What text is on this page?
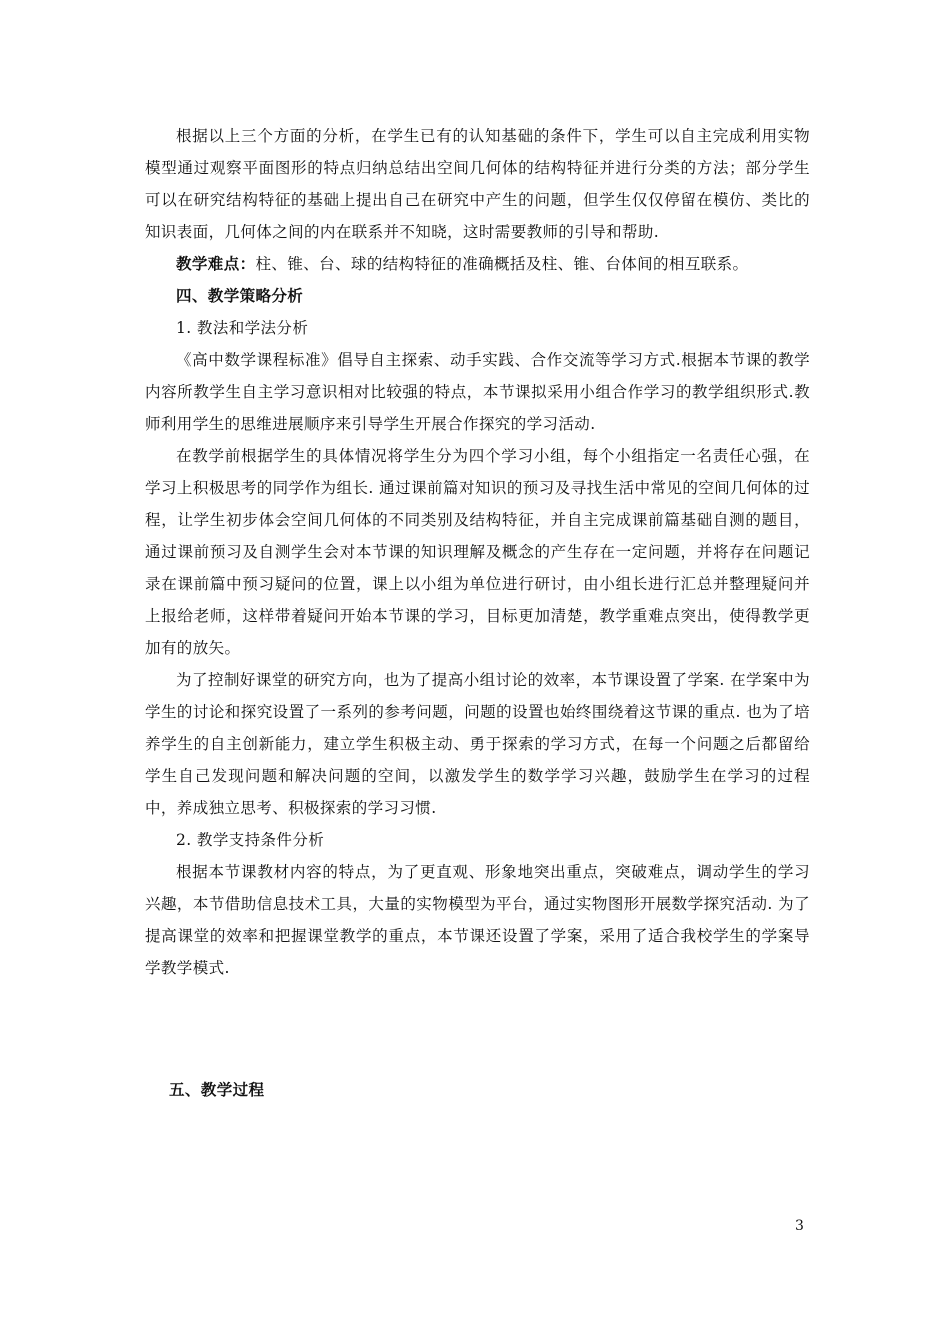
根据以上三个方面的分析，在学生已有的认知基础的条件下，学生可以自主完成利用实物模型通过观察平面图形的特点归纳总结出空间几何体的结构特征并进行分类的方法；部分学生可以在研究结构特征的基础上提出自己在研究中产生的问题，但学生仅仅停留在模仿、类比的知识表面，几何体之间的内在联系并不知晓，这时需要教师的引导和帮助.

教学难点：柱、锥、台、球的结构特征的准确概括及柱、锥、台体间的相互联系。

四、教学策略分析

1. 教法和学法分析

《高中数学课程标准》倡导自主探索、动手实践、合作交流等学习方式.根据本节课的教学内容所教学生自主学习意识相对比较强的特点，本节课拟采用小组合作学习的教学组织形式.教师利用学生的思维进展顺序来引导学生开展合作探究的学习活动.

在教学前根据学生的具体情况将学生分为四个学习小组，每个小组指定一名责任心强，在学习上积极思考的同学作为组长. 通过课前篇对知识的预习及寻找生活中常见的空间几何体的过程，让学生初步体会空间几何体的不同类别及结构特征，并自主完成课前篇基础自测的题目，通过课前预习及自测学生会对本节课的知识理解及概念的产生存在一定问题，并将存在问题记录在课前篇中预习疑问的位置，课上以小组为单位进行研讨，由小组长进行汇总并整理疑问并上报给老师，这样带着疑问开始本节课的学习，目标更加清楚，教学重难点突出，使得教学更加有的放矢。

为了控制好课堂的研究方向，也为了提高小组讨论的效率，本节课设置了学案. 在学案中为学生的讨论和探究设置了一系列的参考问题，问题的设置也始终围绕着这节课的重点. 也为了培养学生的自主创新能力，建立学生积极主动、勇于探索的学习方式，在每一个问题之后都留给学生自己发现问题和解决问题的空间，以激发学生的数学学习兴趣，鼓励学生在学习的过程中，养成独立思考、积极探索的学习习惯.

2. 教学支持条件分析

根据本节课教材内容的特点，为了更直观、形象地突出重点，突破难点，调动学生的学习兴趣，本节借助信息技术工具，大量的实物模型为平台，通过实物图形开展数学探究活动. 为了提高课堂的效率和把握课堂教学的重点，本节课还设置了学案，采用了适合我校学生的学案导学教学模式.

五、教学过程

3
